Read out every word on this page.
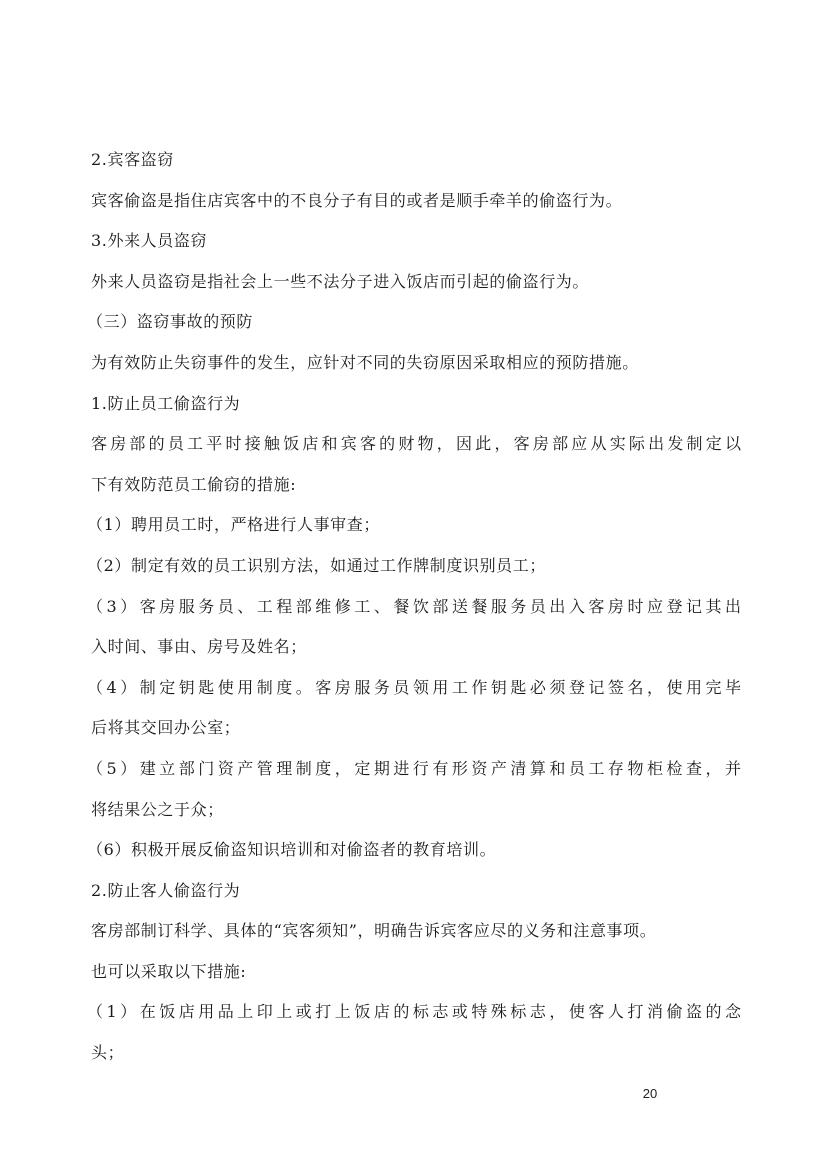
2.宾客盗窃
宾客偷盗是指住店宾客中的不良分子有目的或者是顺手牵羊的偷盗行为。
3.外来人员盗窃
外来人员盗窃是指社会上一些不法分子进入饭店而引起的偷盗行为。
（三）盗窃事故的预防
为有效防止失窃事件的发生，应针对不同的失窃原因采取相应的预防措施。
1.防止员工偷盗行为
客房部的员工平时接触饭店和宾客的财物，因此，客房部应从实际出发制定以
下有效防范员工偷窃的措施:
（1）聘用员工时，严格进行人事审查；
（2）制定有效的员工识别方法，如通过工作牌制度识别员工；
（3）客房服务员、工程部维修工、餐饮部送餐服务员出入客房时应登记其出
入时间、事由、房号及姓名；
（4）制定钥匙使用制度。客房服务员领用工作钥匙必须登记签名，使用完毕
后将其交回办公室；
（5）建立部门资产管理制度，定期进行有形资产清算和员工存物柜检查，并
将结果公之于众；
（6）积极开展反偷盗知识培训和对偷盗者的教育培训。
2.防止客人偷盗行为
客房部制订科学、具体的“宾客须知”，明确告诉宾客应尽的义务和注意事项。
也可以采取以下措施:
（1）在饭店用品上印上或打上饭店的标志或特殊标志，使客人打消偷盗的念
头；
20
